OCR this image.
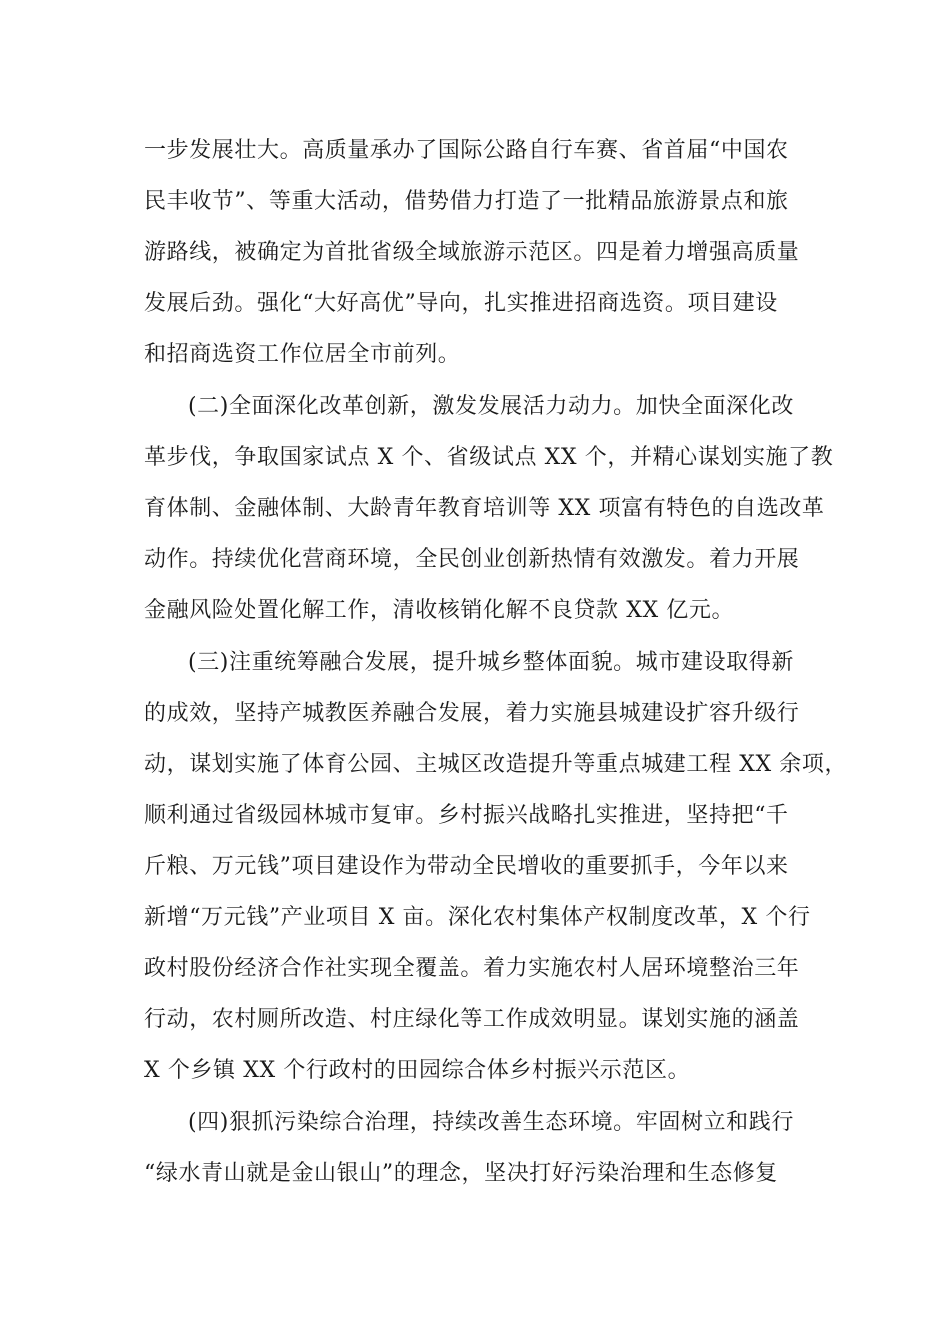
一步发展壮大。高质量承办了国际公路自行车赛、省首届“中国农
民丰收节”、等重大活动，借势借力打造了一批精品旅游景点和旅
游路线，被确定为首批省级全域旅游示范区。四是着力增强高质量
发展后劲。强化“大好高优”导向，扎实推进招商选资。项目建设
和招商选资工作位居全市前列。
(二)全面深化改革创新，激发发展活力动力。加快全面深化改
革步伐，争取国家试点 X 个、省级试点 XX 个，并精心谋划实施了教
育体制、金融体制、大龄青年教育培训等 XX 项富有特色的自选改革
动作。持续优化营商环境，全民创业创新热情有效激发。着力开展
金融风险处置化解工作，清收核销化解不良贷款 XX 亿元。
(三)注重统筹融合发展，提升城乡整体面貌。城市建设取得新
的成效，坚持产城教医养融合发展，着力实施县城建设扩容升级行
动，谋划实施了体育公园、主城区改造提升等重点城建工程 XX 余项，
顺利通过省级园林城市复审。乡村振兴战略扎实推进，坚持把“千
斤粮、万元钱”项目建设作为带动全民增收的重要抓手，今年以来
新增“万元钱”产业项目 X 亩。深化农村集体产权制度改革，X 个行
政村股份经济合作社实现全覆盖。着力实施农村人居环境整治三年
行动，农村厕所改造、村庄绿化等工作成效明显。谋划实施的涵盖
X 个乡镇 XX 个行政村的田园综合体乡村振兴示范区。
(四)狠抓污染综合治理，持续改善生态环境。牢固树立和践行
“绿水青山就是金山银山”的理念，坚决打好污染治理和生态修复
